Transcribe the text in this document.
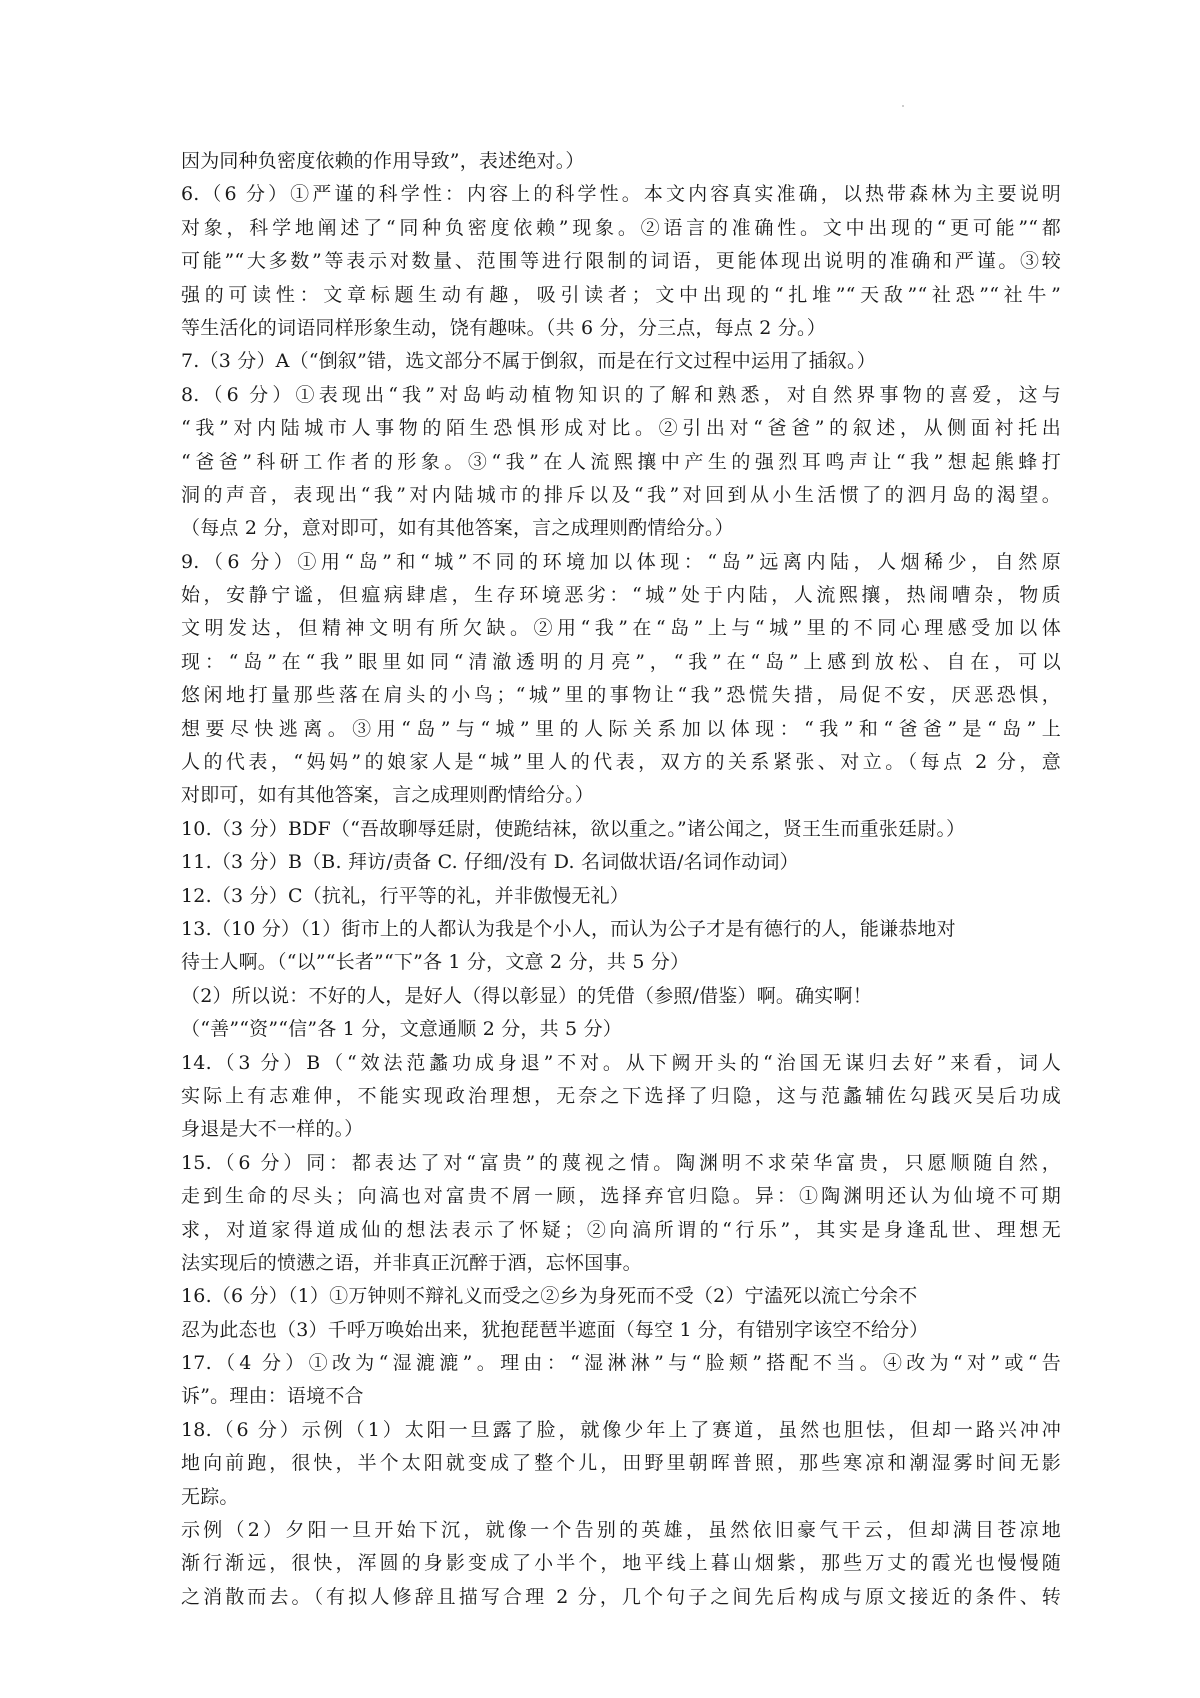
因为同种负密度依赖的作用导致”，表述绝对。）
6.（6 分）①严谨的科学性：内容上的科学性。本文内容真实准确，以热带森林为主要说明
对象，科学地阐述了“同种负密度依赖”现象。②语言的准确性。文中出现的“更可能”“都
可能”“大多数”等表示对数量、范围等进行限制的词语，更能体现出说明的准确和严谨。③较
强的可读性：文章标题生动有趣，吸引读者；文中出现的“扎堆”“天敌”“社恐”“社牛”
等生活化的词语同样形象生动，饶有趣味。（共 6 分，分三点，每点 2 分。）
7.（3 分）A（“倒叙”错，选文部分不属于倒叙，而是在行文过程中运用了插叙。）
8.（6 分）①表现出“我”对岛屿动植物知识的了解和熟悉，对自然界事物的喜爱，这与
“我”对内陆城市人事物的陌生恐惧形成对比。②引出对“爸爸”的叙述，从侧面衬托出
“爸爸”科研工作者的形象。③“我”在人流熙攘中产生的强烈耳鸣声让“我”想起熊蜂打
洞的声音，表现出“我”对内陆城市的排斥以及“我”对回到从小生活惯了的泗月岛的渴望。
（每点 2 分，意对即可，如有其他答案，言之成理则酌情给分。）
9.（6 分）①用“岛”和“城”不同的环境加以体现：“岛”远离内陆，人烟稀少，自然原
始，安静宁谧，但瘟病肆虐，生存环境恶劣：“城”处于内陆，人流熙攘，热闹嘈杂，物质
文明发达，但精神文明有所欠缺。②用“我”在“岛”上与“城”里的不同心理感受加以体
现：“岛”在“我”眼里如同“清澈透明的月亮”，“我”在“岛”上感到放松、自在，可以
悠闲地打量那些落在肩头的小鸟；“城”里的事物让“我”恐慌失措，局促不安，厌恶恐惧，
想要尽快逃离。③用“岛”与“城”里的人际关系加以体现：“我”和“爸爸”是“岛”上
人的代表，“妈妈”的娘家人是“城”里人的代表，双方的关系紧张、对立。（每点 2 分，意
对即可，如有其他答案，言之成理则酌情给分。）
10.（3 分）BDF（“吾故聊辱廷尉，使跪结袜，欲以重之。”诸公闻之，贤王生而重张廷尉。）
11.（3 分）B（B. 拜访/责备 C. 仔细/没有 D. 名词做状语/名词作动词）
12.（3 分）C（抗礼，行平等的礼，并非傲慢无礼）
13.（10 分）（1）街市上的人都认为我是个小人，而认为公子才是有德行的人，能谦恭地对
待士人啊。（“以”“长者”“下”各 1 分，文意 2 分，共 5 分）
（2）所以说：不好的人，是好人（得以彰显）的凭借（参照/借鉴）啊。确实啊！
（“善”“资”“信”各 1 分，文意通顺 2 分，共 5 分）
14.（3 分）B（“效法范蠡功成身退”不对。从下阙开头的“治国无谋归去好”来看，词人
实际上有志难伸，不能实现政治理想，无奈之下选择了归隐，这与范蠡辅佐勾践灭吴后功成
身退是大不一样的。）
15.（6 分）同：都表达了对“富贵”的蔑视之情。陶渊明不求荣华富贵，只愿顺随自然，
走到生命的尽头；向滈也对富贵不屑一顾，选择弃官归隐。异：①陶渊明还认为仙境不可期
求，对道家得道成仙的想法表示了怀疑；②向滈所谓的“行乐”，其实是身逢乱世、理想无
法实现后的愤懑之语，并非真正沉醉于酒，忘怀国事。
16.（6 分）（1）①万钟则不辩礼义而受之②乡为身死而不受（2）宁溘死以流亡兮余不
忍为此态也（3）千呼万唤始出来，犹抱琵琶半遮面（每空 1 分，有错别字该空不给分）
17.（4 分）①改为“湿漉漉”。理由：“湿淋淋”与“脸颊”搭配不当。④改为“对”或“告
诉”。理由：语境不合
18.（6 分）示例（1）太阳一旦露了脸，就像少年上了赛道，虽然也胆怯，但却一路兴冲冲
地向前跑，很快，半个太阳就变成了整个儿，田野里朝晖普照，那些寒凉和潮湿雾时间无影
无踪。
示例（2）夕阳一旦开始下沉，就像一个告别的英雄，虽然依旧豪气干云，但却满目苍凉地
渐行渐远，很快，浑圆的身影变成了小半个，地平线上暮山烟紫，那些万丈的霞光也慢慢随
之消散而去。（有拟人修辞且描写合理 2 分，几个句子之间先后构成与原文接近的条件、转
